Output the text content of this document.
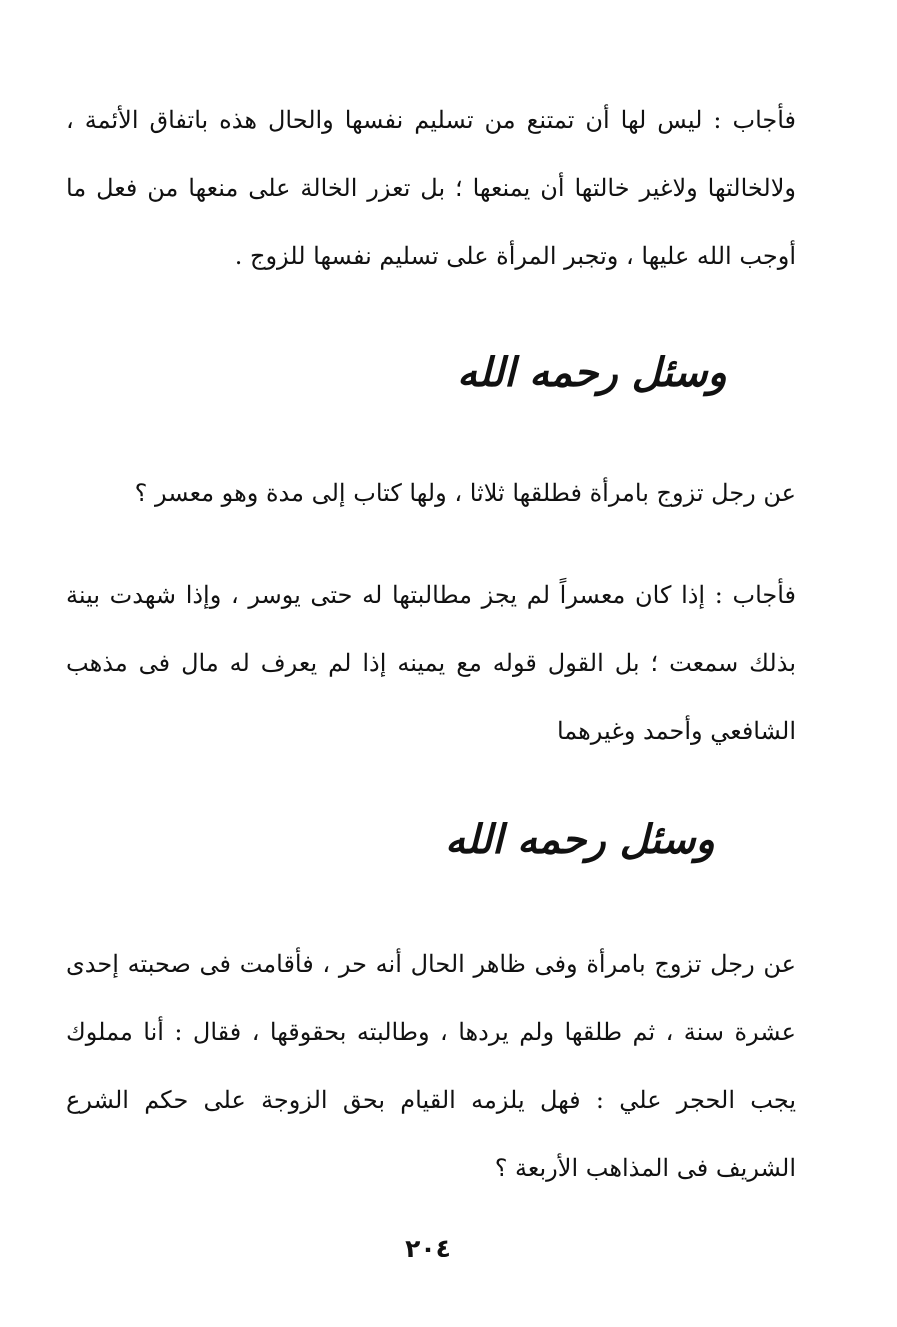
فأجاب : ليس لها أن تمتنع من تسليم نفسها والحال هذه باتفاق الأئمة ، ولالخالتها ولاغير خالتها أن يمنعها ؛ بل تعزر الخالة على منعها من فعل ما أوجب الله عليها ، وتجبر المرأة على تسليم نفسها للزوج .
وسئل رحمه الله
عن رجل تزوج بامرأة فطلقها ثلاثا ، ولها كتاب إلى مدة وهو معسر ؟
فأجاب : إذا كان معسراً لم يجز مطالبتها له حتى يوسر ، وإذا شهدت بينة بذلك سمعت ؛ بل القول قوله مع يمينه إذا لم يعرف له مال فى مذهب الشافعي وأحمد وغيرهما
وسئل رحمه الله
عن رجل تزوج بامرأة وفى ظاهر الحال أنه حر ، فأقامت فى صحبته إحدى عشرة سنة ، ثم طلقها ولم يردها ، وطالبته بحقوقها ، فقال : أنا مملوك يجب الحجر علي : فهل يلزمه القيام بحق الزوجة على حكم الشرع الشريف فى المذاهب الأربعة ؟
٢٠٤
